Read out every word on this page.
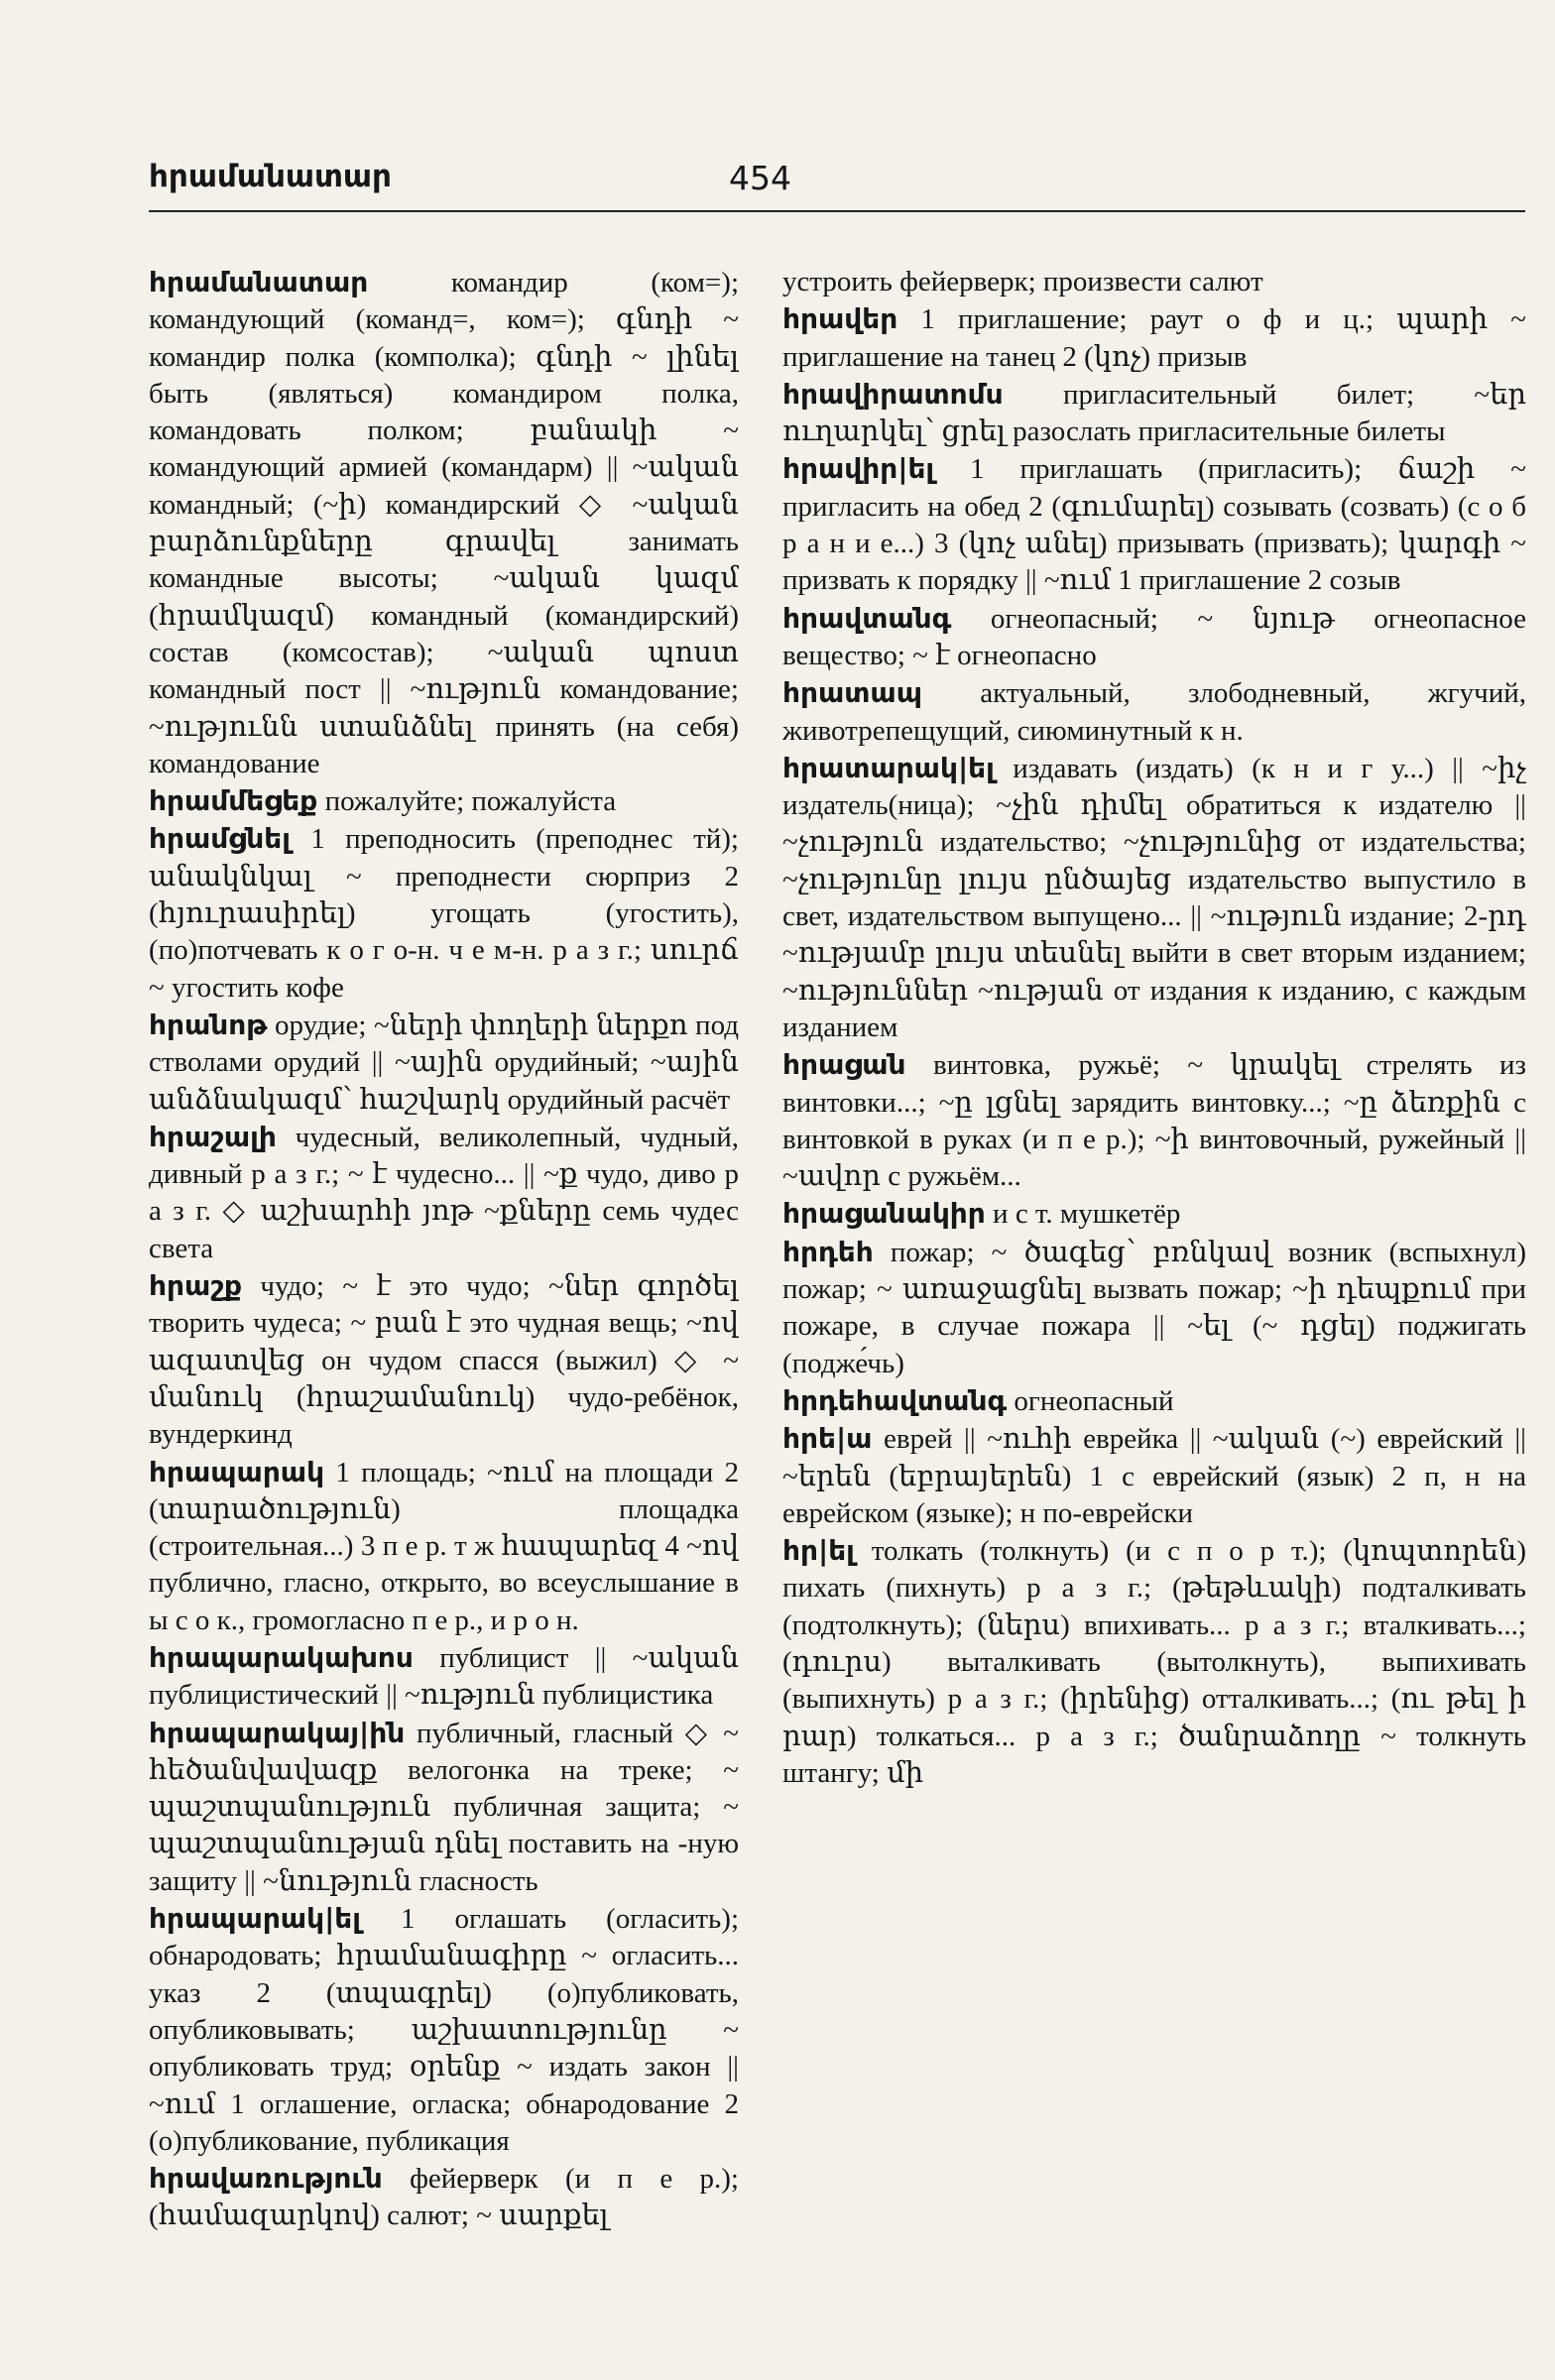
հրամանատար	454

հրամանատար командир (ком=); командующий (команд=, ком=); գնդի ~ командир полка (комполка); գնդի ~ լինել быть (являться) командиром полка, командовать полком; բանակի ~ командующий армией (командарм) || ~ական командный; (~ի) командирский ◇ ~ական բարձունքները գրավել занимать командные высоты; ~ական կազմ (հրամկազմ) командный (командирский) состав (комсостав); ~ական պոստ командный пост || ~ություն командование; ~ությունն ստանձնել принять (на себя) командование

հրամմեցեք пожалуйте; пожалуйста

հրամցնել 1 преподносить (преподнес тй); անակնկալ ~ преподнести сюрприз 2 (հյուրասիրել) угощать (угостить), (по)потчевать к о г о-н. ч е м-н. р а з г.; սուրճ ~ угостить кофе

հրանոթ орудие; ~ների փողերի ներքո под стволами орудий || ~ային орудийный; ~ային անձնակազմ՝ հաշվարկ орудийный расчёт

հրաշալի чудесный, великолепный, чудный, дивный р а з г.; ~ է чудесно... || ~ք чудо, диво р а з г. ◇ աշխարհի յոթ ~քները семь чудес света

հրաշք чудо; ~ է это чудо; ~ներ գործել творить чудеса; ~ բան է это чудная вещь; ~ով ազատվեց он чудом спасся (выжил) ◇ ~ մանուկ (հրաշամանուկ) чудо-ребёнок, вундеркинд

հրապարակ 1 площадь; ~ում на площади 2 (տարածություն) площадка (строительная...) 3 п е р. т ж հապարեզ 4 ~ով публично, гласно, открыто, во всеуслышание в ы с о к., громогласно п е р., и р о н.

հրապարակախոս публицист || ~ական публицистический || ~ություն публицистика

հրապարակայ|ին публичный, гласный ◇ ~ հեծանվավազք велогонка на треке; ~ պաշտպանություն публичная защита; ~ պաշտպանության դնել поставить на -ную защиту || ~նություն гласность

հրապարակ|ել 1 оглашать (огласить); обнародовать; հրամանագիրը ~ огласить... указ 2 (տպագրել) (о)публиковать, опубликовывать; աշխատությունը ~ опубликовать труд; օրենք ~ издать закон || ~ում 1 оглашение, огласка; обнародование 2 (о)публикование, публикация

հրավառություն фейерверк (и п е р.); (համազարկով) салют; ~ սարքել

устроить фейерверк; произвести салют

հրավեր 1 приглашение; раут о ф и ц.; պարի ~ приглашение на танец 2 (կոչ) призыв

հրավիրատոմս пригласительный билет; ~եր ուղարկել՝ ցրել разослать пригласительные билеты

հրավիր|ել 1 приглашать (пригласить); ճաշի ~ пригласить на обед 2 (գումարել) созывать (созвать) (с о б р а н и е...) 3 (կոչ անել) призывать (призвать); կարգի ~ призвать к порядку || ~ում 1 приглашение 2 созыв

հրավտանգ огнеопасный; ~ նյութ огнеопасное вещество; ~ է огнеопасно

հրատապ актуальный, злободневный, жгучий, животрепещущий, сиюминутный к н.

հրատարակ|ել издавать (издать) (к н и г у...) || ~իչ издатель(ница); ~չին դիմել обратиться к издателю || ~չություն издательство; ~չությունից от издательства; ~չությունը լույս ընծայեց издательство выпустило в свет, издательством выпущено... || ~ություն издание; 2-րդ ~ությամբ լույս տեսնել выйти в свет вторым изданием; ~ություններ ~ության от издания к изданию, с каждым изданием

հրացան винтовка, ружьё; ~ կրակել стрелять из винтовки...; ~ը լցնել зарядить винтовку...; ~ը ձեռքին с винтовкой в руках (и п е р.); ~ի винтовочный, ружейный || ~ավոր с ружьём...

հրացանակիր и с т. мушкетёр

հրդեհ пожар; ~ ծագեց՝ բռնկավ возник (вспыхнул) пожар; ~ առաջացնել вызвать пожар; ~ի դեպքում при пожаре, в случае пожара || ~ել (~ դցել) поджигать (подже́чь)

հրդեհավտանգ огнеопасный

հրե|ա еврей || ~ուհի еврейка || ~ական (~) еврейский || ~երեն (եբրայերեն) 1 с еврейский (язык) 2 п, н на еврейском (языке); н по-еврейски

հր|ել толкать (толкнуть) (и с п о р т.); (կոպտորեն) пихать (пихнуть) р а з г.; (թեթևակի) подталкивать (подтолкнуть); (ներս) впихивать... р а з г.; вталкивать...; (դուրս) выталкивать (вытолкнуть), выпихивать (выпихнуть) р а з г.; (իրենից) отталкивать...; (ու թել ի րար) толкаться... р а з г.; ծանրաձողը ~ толкнуть штангу; մի
